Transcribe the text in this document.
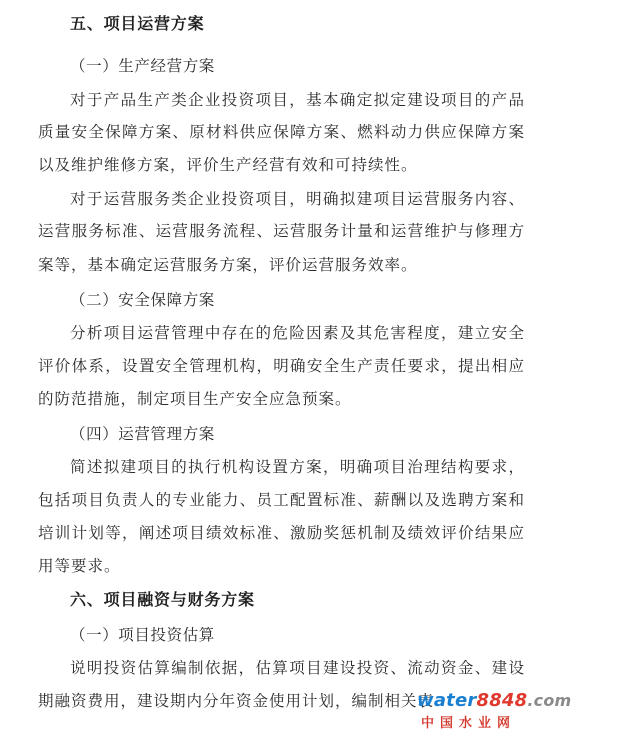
五、项目运营方案
（一）生产经营方案
对于产品生产类企业投资项目，基本确定拟定建设项目的产品
质量安全保障方案、原材料供应保障方案、燃料动力供应保障方案
以及维护维修方案，评价生产经营有效和可持续性。
对于运营服务类企业投资项目，明确拟建项目运营服务内容、
运营服务标准、运营服务流程、运营服务计量和运营维护与修理方
案等，基本确定运营服务方案，评价运营服务效率。
（二）安全保障方案
分析项目运营管理中存在的危险因素及其危害程度，建立安全
评价体系，设置安全管理机构，明确安全生产责任要求，提出相应
的防范措施，制定项目生产安全应急预案。
（四）运营管理方案
简述拟建项目的执行机构设置方案，明确项目治理结构要求，
包括项目负责人的专业能力、员工配置标准、薪酬以及选聘方案和
培训计划等，阐述项目绩效标准、激励奖惩机制及绩效评价结果应
用等要求。
六、项目融资与财务方案
（一）项目投资估算
说明投资估算编制依据，估算项目建设投资、流动资金、建设
期融资费用，建设期内分年资金使用计划，编制相关表
water8848.com
中国水业网
